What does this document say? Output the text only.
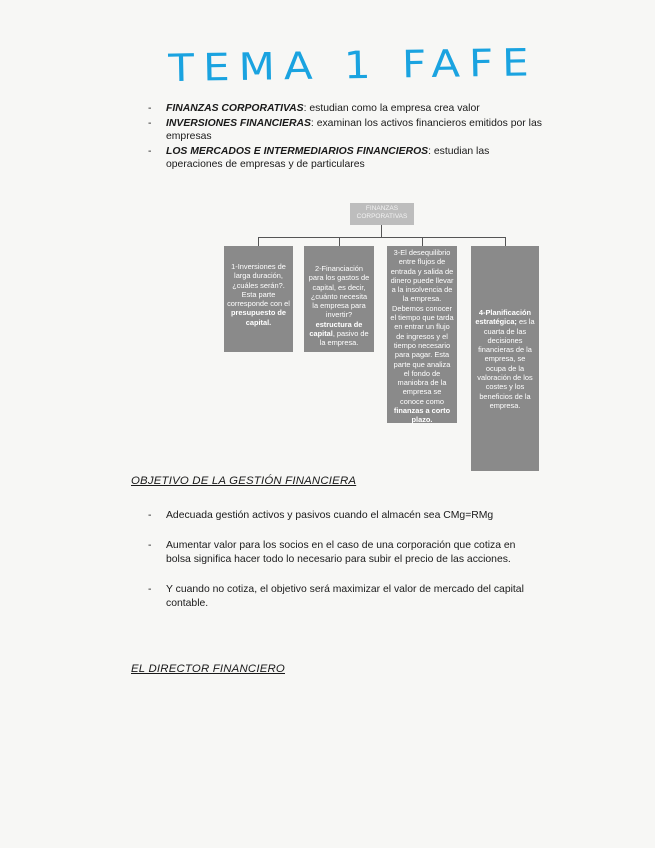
TEMA 1 FAFE
-	FINANZAS CORPORATIVAS: estudian como la empresa crea valor
-	INVERSIONES FINANCIERAS: examinan los activos financieros emitidos por las empresas
-	LOS MERCADOS E INTERMEDIARIOS FINANCIEROS: estudian las operaciones de empresas y de particulares
FINANZAS CORPORATIVAS
1-Inversiones de larga duración, ¿cuáles serán?. Esta parte corresponde con el presupuesto de capital.
2-Financiación para los gastos de capital, es decir, ¿cuánto necesita la empresa para invertir? estructura de capital, pasivo de la empresa.
3-El desequilibrio entre flujos de entrada y salida de dinero puede llevar a la insolvencia de la empresa. Debemos conocer el tiempo que tarda en entrar un flujo de ingresos y el tiempo necesario para pagar. Esta parte que analiza el fondo de maniobra de la empresa se conoce como finanzas a corto plazo.
4-Planificación estratégica; es la cuarta de las decisiones financieras de la empresa, se ocupa de la valoración de los costes y los beneficios de la empresa.
OBJETIVO DE LA GESTIÓN FINANCIERA
-	Adecuada gestión activos y pasivos cuando el almacén sea CMg=RMg
-	Aumentar valor para los socios en el caso de una corporación que cotiza en bolsa significa hacer todo lo necesario para subir el precio de las acciones.
-	Y cuando no cotiza, el objetivo será maximizar el valor de mercado del capital contable.
EL DIRECTOR FINANCIERO
